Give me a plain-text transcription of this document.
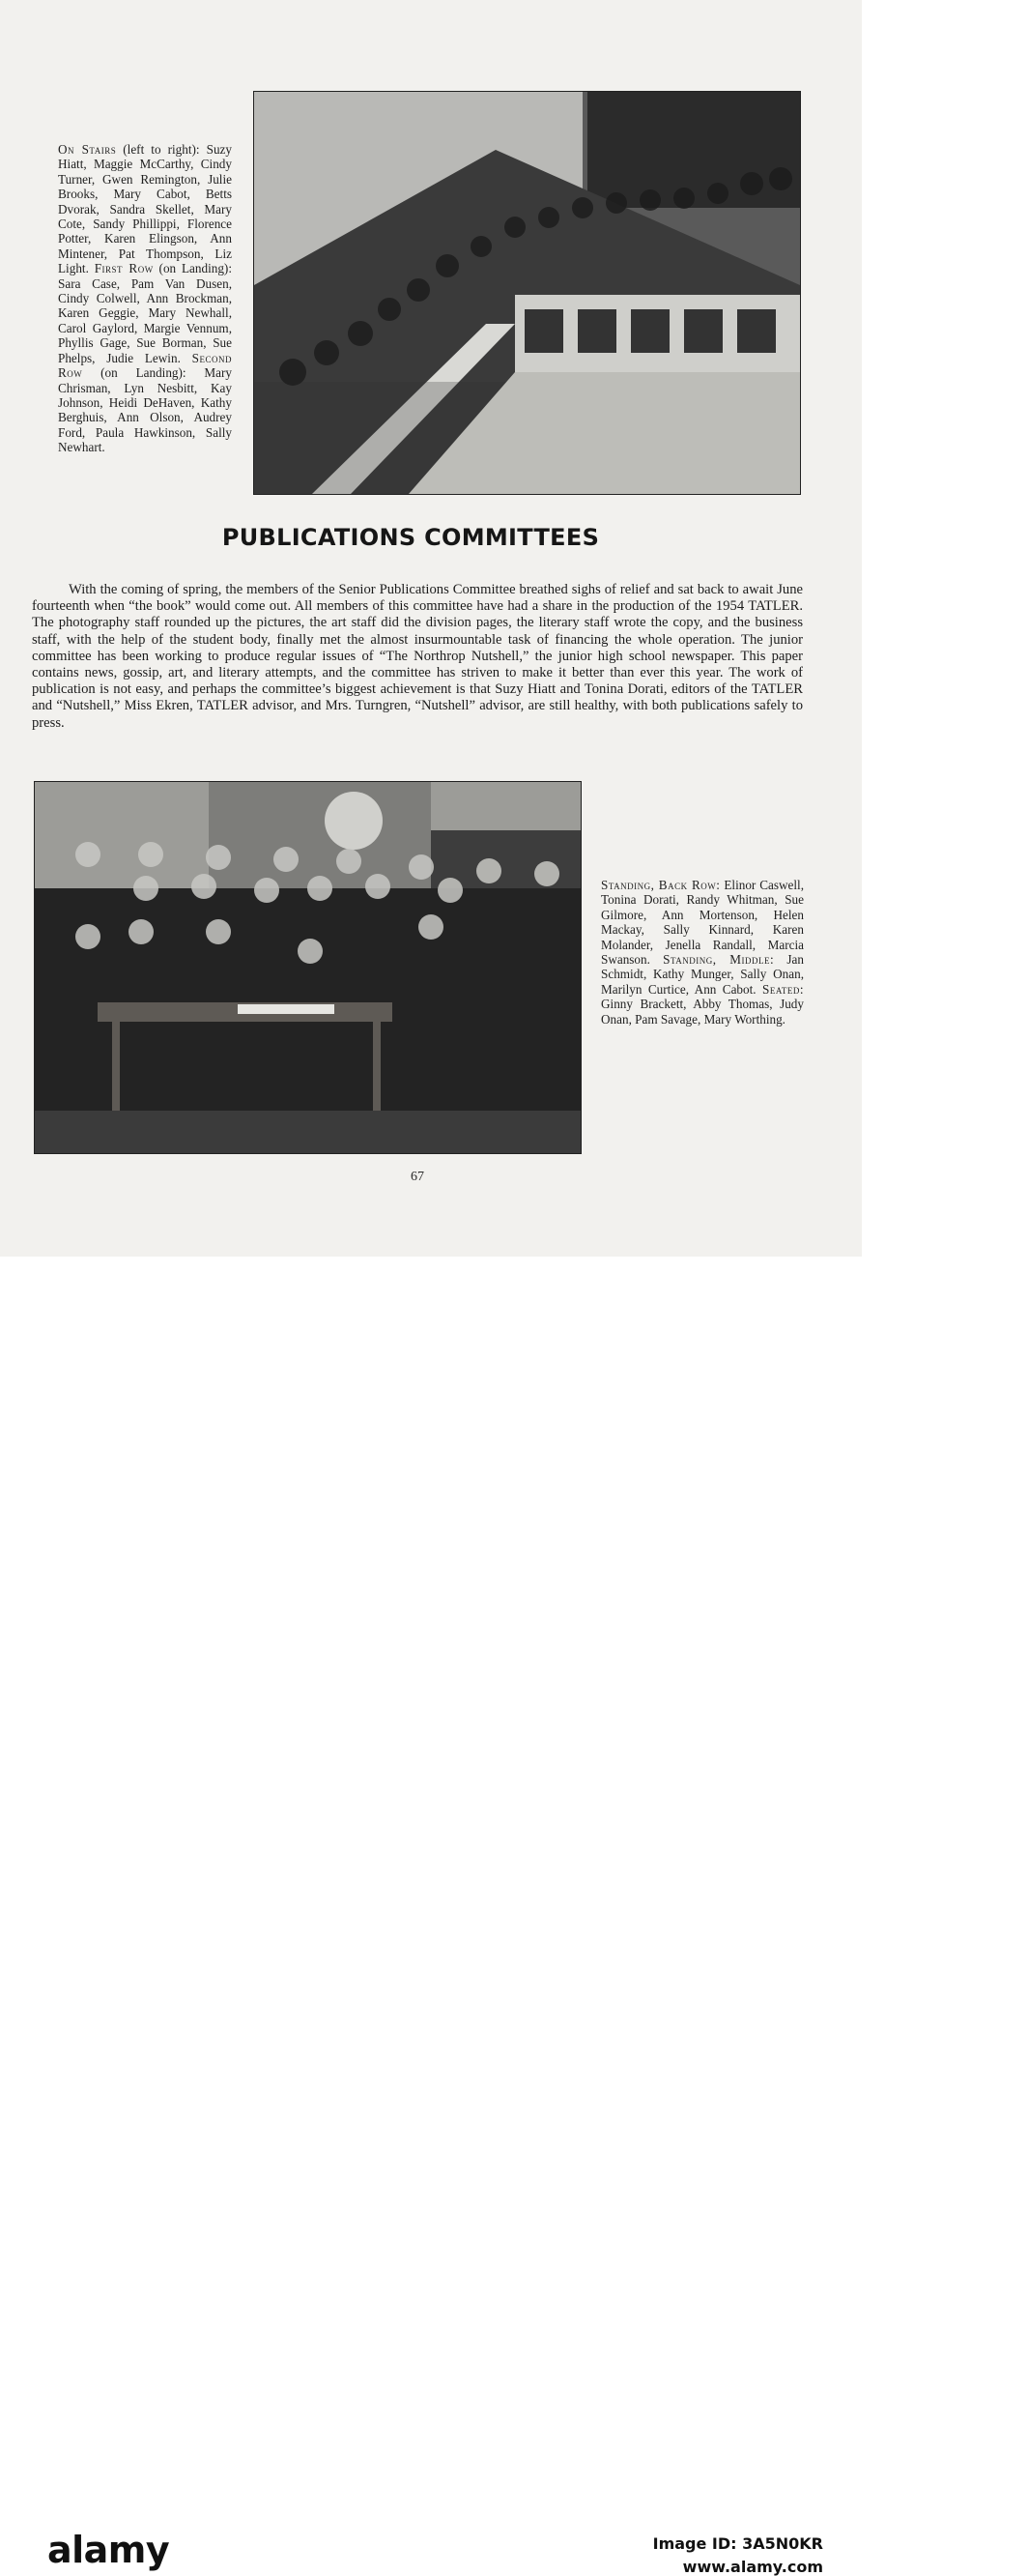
alamy
On Stairs (left to right): Suzy Hiatt, Maggie McCarthy, Cindy Turner, Gwen Remington, Julie Brooks, Mary Cabot, Betts Dvorak, Sandra Skellet, Mary Cote, Sandy Phillippi, Florence Potter, Karen Elingson, Ann Mintener, Pat Thompson, Liz Light. First Row (on Landing): Sara Case, Pam Van Dusen, Cindy Colwell, Ann Brockman, Karen Geggie, Mary Newhall, Carol Gaylord, Margie Vennum, Phyllis Gage, Sue Borman, Sue Phelps, Judie Lewin. Second Row (on Landing): Mary Chrisman, Lyn Nesbitt, Kay Johnson, Heidi DeHaven, Kathy Berghuis, Ann Olson, Audrey Ford, Paula Hawkinson, Sally Newhart.
PUBLICATIONS COMMITTEES
With the coming of spring, the members of the Senior Publications Committee breathed sighs of relief and sat back to await June fourteenth when “the book” would come out. All members of this committee have had a share in the production of the 1954 TATLER. The photography staff rounded up the pictures, the art staff did the division pages, the literary staff wrote the copy, and the business staff, with the help of the student body, finally met the almost insurmountable task of financing the whole operation. The junior committee has been working to produce regular issues of “The Northrop Nutshell,” the junior high school newspaper. This paper contains news, gossip, art, and literary attempts, and the committee has striven to make it better than ever this year. The work of publication is not easy, and perhaps the committee’s biggest achievement is that Suzy Hiatt and Tonina Dorati, editors of the TATLER and “Nutshell,” Miss Ekren, TATLER advisor, and Mrs. Turngren, “Nutshell” advisor, are still healthy, with both publications safely to press.
Standing, Back Row: Elinor Caswell, Tonina Dorati, Randy Whitman, Sue Gilmore, Ann Mortenson, Helen Mackay, Sally Kinnard, Karen Molander, Jenella Randall, Marcia Swanson. Standing, Middle: Jan Schmidt, Kathy Munger, Sally Onan, Marilyn Curtice, Ann Cabot. Seated: Ginny Brackett, Abby Thomas, Judy Onan, Pam Savage, Mary Worthing.
67
alamy	Image ID: 3A5N0KR
www.alamy.com
